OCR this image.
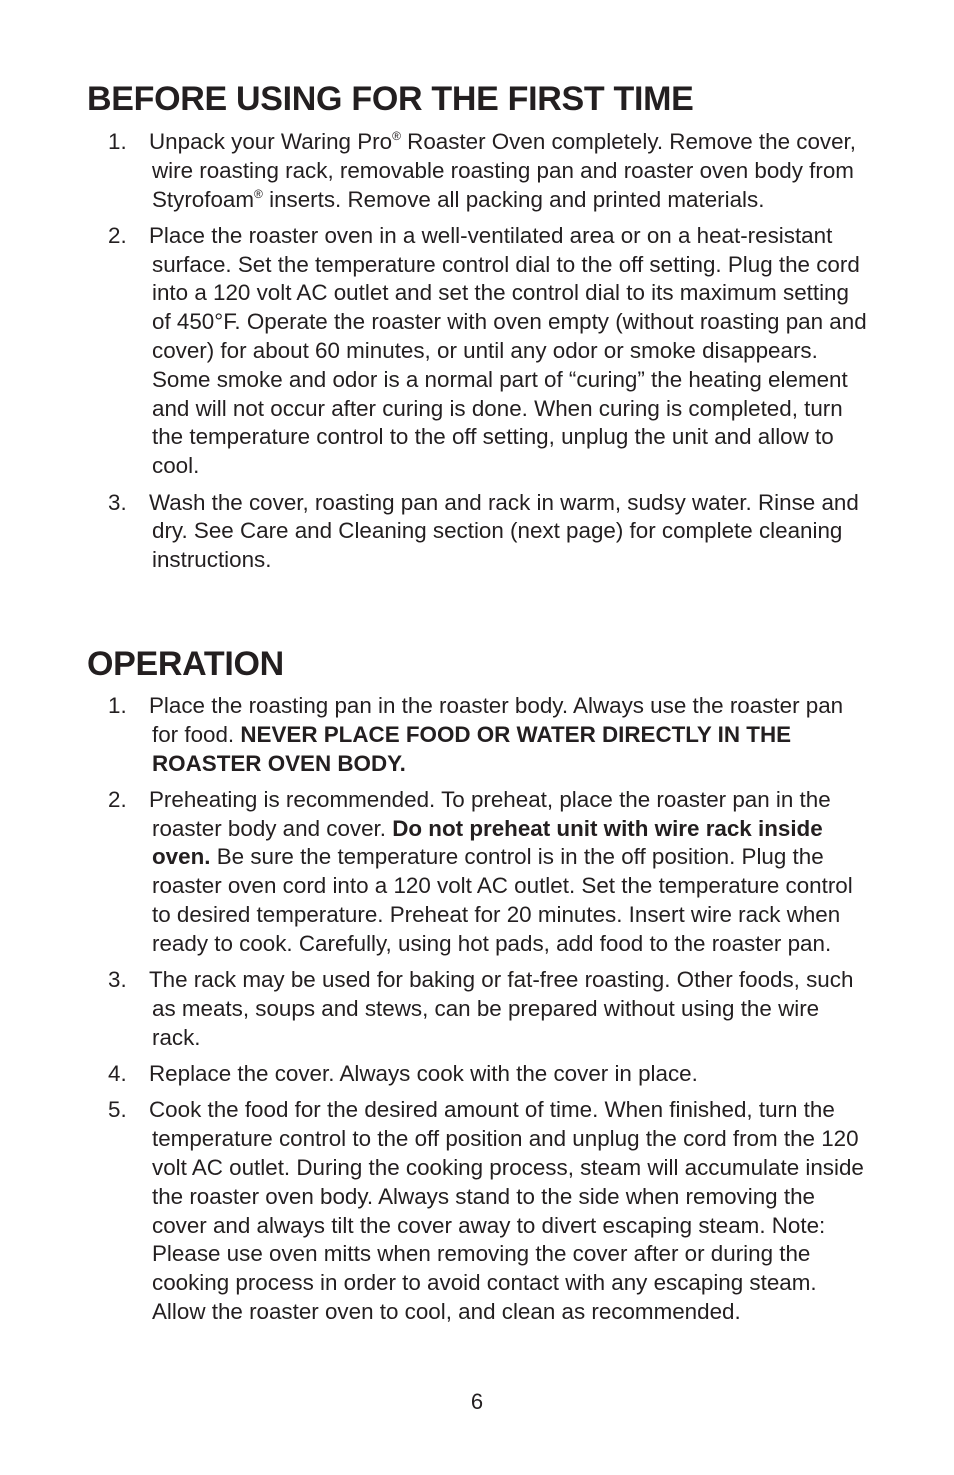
BEFORE USING FOR THE FIRST TIME
1. Unpack your Waring Pro® Roaster Oven completely. Remove the cover, wire roasting rack, removable roasting pan and roaster oven body from Styrofoam® inserts. Remove all packing and printed materials.
2. Place the roaster oven in a well-ventilated area or on a heat-resistant surface. Set the temperature control dial to the off setting. Plug the cord into a 120 volt AC outlet and set the control dial to its maximum setting of 450°F. Operate the roaster with oven empty (without roasting pan and cover) for about 60 minutes, or until any odor or smoke disappears. Some smoke and odor is a normal part of “curing” the heating element and will not occur after curing is done. When curing is completed, turn the temperature control to the off setting, unplug the unit and allow to cool.
3. Wash the cover, roasting pan and rack in warm, sudsy water. Rinse and dry. See Care and Cleaning section (next page) for complete cleaning instructions.
OPERATION
1. Place the roasting pan in the roaster body. Always use the roaster pan for food. NEVER PLACE FOOD OR WATER DIRECTLY IN THE ROASTER OVEN BODY.
2. Preheating is recommended. To preheat, place the roaster pan in the roaster body and cover. Do not preheat unit with wire rack inside oven. Be sure the temperature control is in the off position. Plug the roaster oven cord into a 120 volt AC outlet. Set the temperature control to desired temperature. Preheat for 20 minutes. Insert wire rack when ready to cook. Carefully, using hot pads, add food to the roaster pan.
3. The rack may be used for baking or fat-free roasting. Other foods, such as meats, soups and stews, can be prepared without using the wire rack.
4. Replace the cover. Always cook with the cover in place.
5. Cook the food for the desired amount of time. When finished, turn the temperature control to the off position and unplug the cord from the 120 volt AC outlet. During the cooking process, steam will accumulate inside the roaster oven body. Always stand to the side when removing the cover and always tilt the cover away to divert escaping steam. Note: Please use oven mitts when removing the cover after or during the cooking process in order to avoid contact with any escaping steam. Allow the roaster oven to cool, and clean as recommended.
6
